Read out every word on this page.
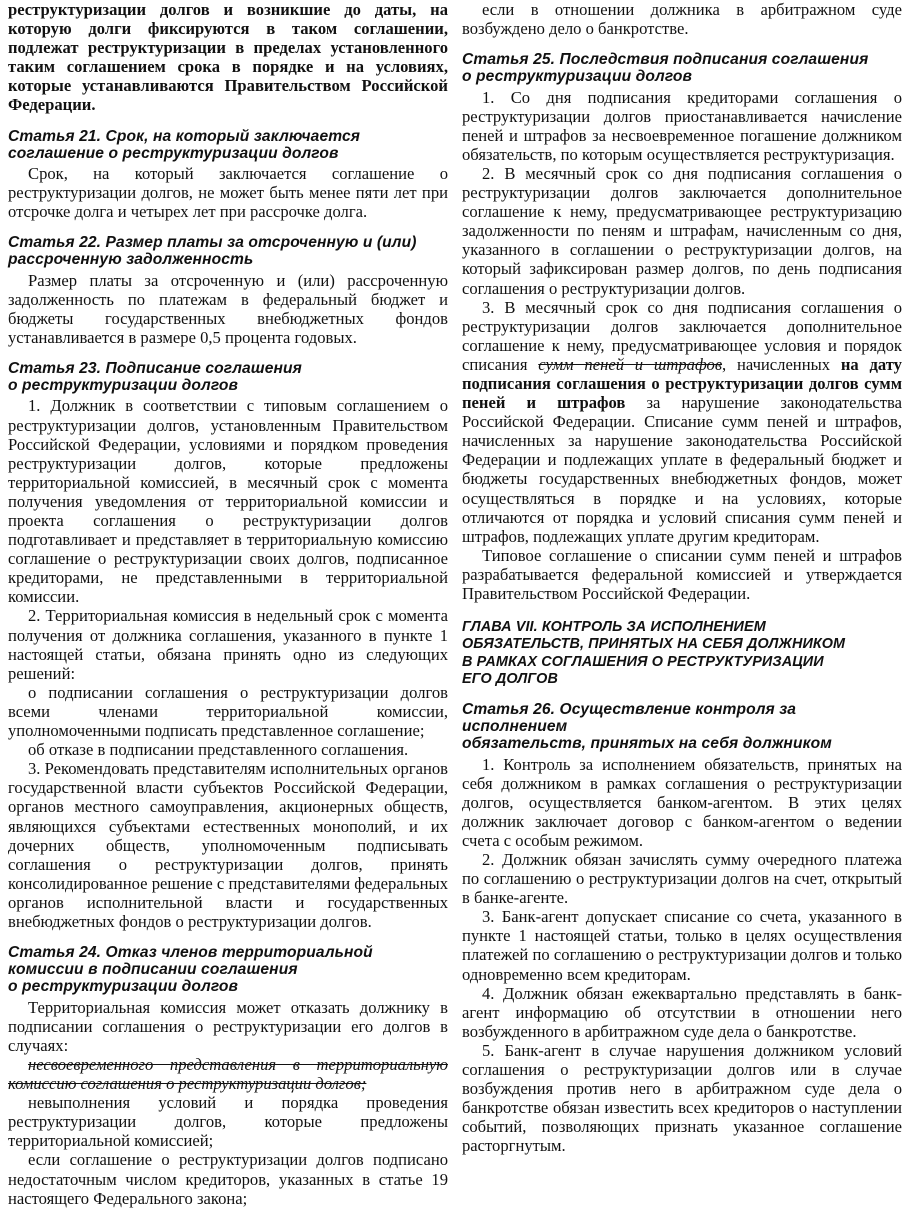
реструктуризации долгов и возникшие до даты, на которую долги фиксируются в таком соглашении, подлежат реструктуризации в пределах установленного таким соглашением срока в порядке и на условиях, которые устанавливаются Правительством Российской Федерации.

Статья 21. Срок, на который заключается
соглашение о реструктуризации долгов

Срок, на который заключается соглашение о реструктуризации долгов, не может быть менее пяти лет при отсрочке долга и четырех лет при рассрочке долга.

Статья 22. Размер платы за отсроченную и (или)
рассроченную задолженность

Размер платы за отсроченную и (или) рассроченную задолженность по платежам в федеральный бюджет и бюджеты государственных внебюджетных фондов устанавливается в размере 0,5 процента годовых.

Статья 23. Подписание соглашения
о реструктуризации долгов

1. Должник в соответствии с типовым соглашением о реструктуризации долгов, установленным Правительством Российской Федерации, условиями и порядком проведения реструктуризации долгов, которые предложены территориальной комиссией, в месячный срок с момента получения уведомления от территориальной комиссии и проекта соглашения о реструктуризации долгов подготавливает и представляет в территориальную комиссию соглашение о реструктуризации своих долгов, подписанное кредиторами, не представленными в территориальной комиссии.

2. Территориальная комиссия в недельный срок с момента получения от должника соглашения, указанного в пункте 1 настоящей статьи, обязана принять одно из следующих решений:

о подписании соглашения о реструктуризации долгов всеми членами территориальной комиссии, уполномоченными подписать представленное соглашение;

об отказе в подписании представленного соглашения.

3. Рекомендовать представителям исполнительных органов государственной власти субъектов Российской Федерации, органов местного самоуправления, акционерных обществ, являющихся субъектами естественных монополий, и их дочерних обществ, уполномоченным подписывать соглашения о реструктуризации долгов, принять консолидированное решение с представителями федеральных органов исполнительной власти и государственных внебюджетных фондов о реструктуризации долгов.

Статья 24. Отказ членов территориальной
комиссии в подписании соглашения
о реструктуризации долгов

Территориальная комиссия может отказать должнику в подписании соглашения о реструктуризации его долгов в случаях:

несвоевременного представления в территориальную комиссию соглашения о реструктуризации долгов;

невыполнения условий и порядка проведения реструктуризации долгов, которые предложены территориальной комиссией;

если соглашение о реструктуризации долгов подписано недостаточным числом кредиторов, указанных в статье 19 настоящего Федерального закона;

если в отношении должника в арбитражном суде возбуждено дело о банкротстве.

Статья 25. Последствия подписания соглашения
о реструктуризации долгов

1. Со дня подписания кредиторами соглашения о реструктуризации долгов приостанавливается начисление пеней и штрафов за несвоевременное погашение должником обязательств, по которым осуществляется реструктуризация.

2. В месячный срок со дня подписания соглашения о реструктуризации долгов заключается дополнительное соглашение к нему, предусматривающее реструктуризацию задолженности по пеням и штрафам, начисленным со дня, указанного в соглашении о реструктуризации долгов, на который зафиксирован размер долгов, по день подписания соглашения о реструктуризации долгов.

3. В месячный срок со дня подписания соглашения о реструктуризации долгов заключается дополнительное соглашение к нему, предусматривающее условия и порядок списания сумм пеней и штрафов, начисленных на дату подписания соглашения о реструктуризации долгов сумм пеней и штрафов за нарушение законодательства Российской Федерации. Списание сумм пеней и штрафов, начисленных за нарушение законодательства Российской Федерации и подлежащих уплате в федеральный бюджет и бюджеты государственных внебюджетных фондов, может осуществляться в порядке и на условиях, которые отличаются от порядка и условий списания сумм пеней и штрафов, подлежащих уплате другим кредиторам.

Типовое соглашение о списании сумм пеней и штрафов разрабатывается федеральной комиссией и утверждается Правительством Российской Федерации.

ГЛАВА VII. КОНТРОЛЬ ЗА ИСПОЛНЕНИЕМ
ОБЯЗАТЕЛЬСТВ, ПРИНЯТЫХ НА СЕБЯ ДОЛЖНИКОМ
В РАМКАХ СОГЛАШЕНИЯ О РЕСТРУКТУРИЗАЦИИ
ЕГО ДОЛГОВ
Статья 26. Осуществление контроля за исполнением
обязательств, принятых на себя должником

1. Контроль за исполнением обязательств, принятых на себя должником в рамках соглашения о реструктуризации долгов, осуществляется банком-агентом. В этих целях должник заключает договор с банком-агентом о ведении счета с особым режимом.

2. Должник обязан зачислять сумму очередного платежа по соглашению о реструктуризации долгов на счет, открытый в банке-агенте.

3. Банк-агент допускает списание со счета, указанного в пункте 1 настоящей статьи, только в целях осуществления платежей по соглашению о реструктуризации долгов и только одновременно всем кредиторам.

4. Должник обязан ежеквартально представлять в банк-агент информацию об отсутствии в отношении него возбужденного в арбитражном суде дела о банкротстве.

5. Банк-агент в случае нарушения должником условий соглашения о реструктуризации долгов или в случае возбуждения против него в арбитражном суде дела о банкротстве обязан известить всех кредиторов о наступлении событий, позволяющих признать указанное соглашение расторгнутым.
